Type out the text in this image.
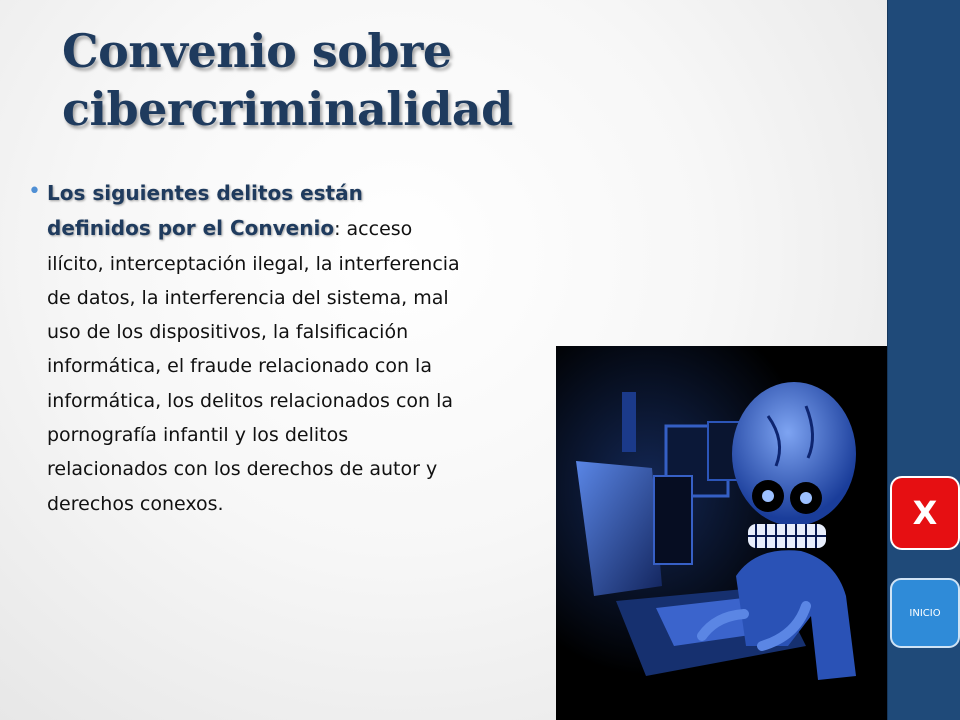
Convenio sobre cibercriminalidad
• Los siguientes delitos están definidos por el Convenio: acceso ilícito, interceptación ilegal, la interferencia de datos, la interferencia del sistema, mal uso de los dispositivos, la falsificación informática, el fraude relacionado con la informática, los delitos relacionados con la pornografía infantil y los delitos relacionados con los derechos de autor y derechos conexos.	X
INICIO
